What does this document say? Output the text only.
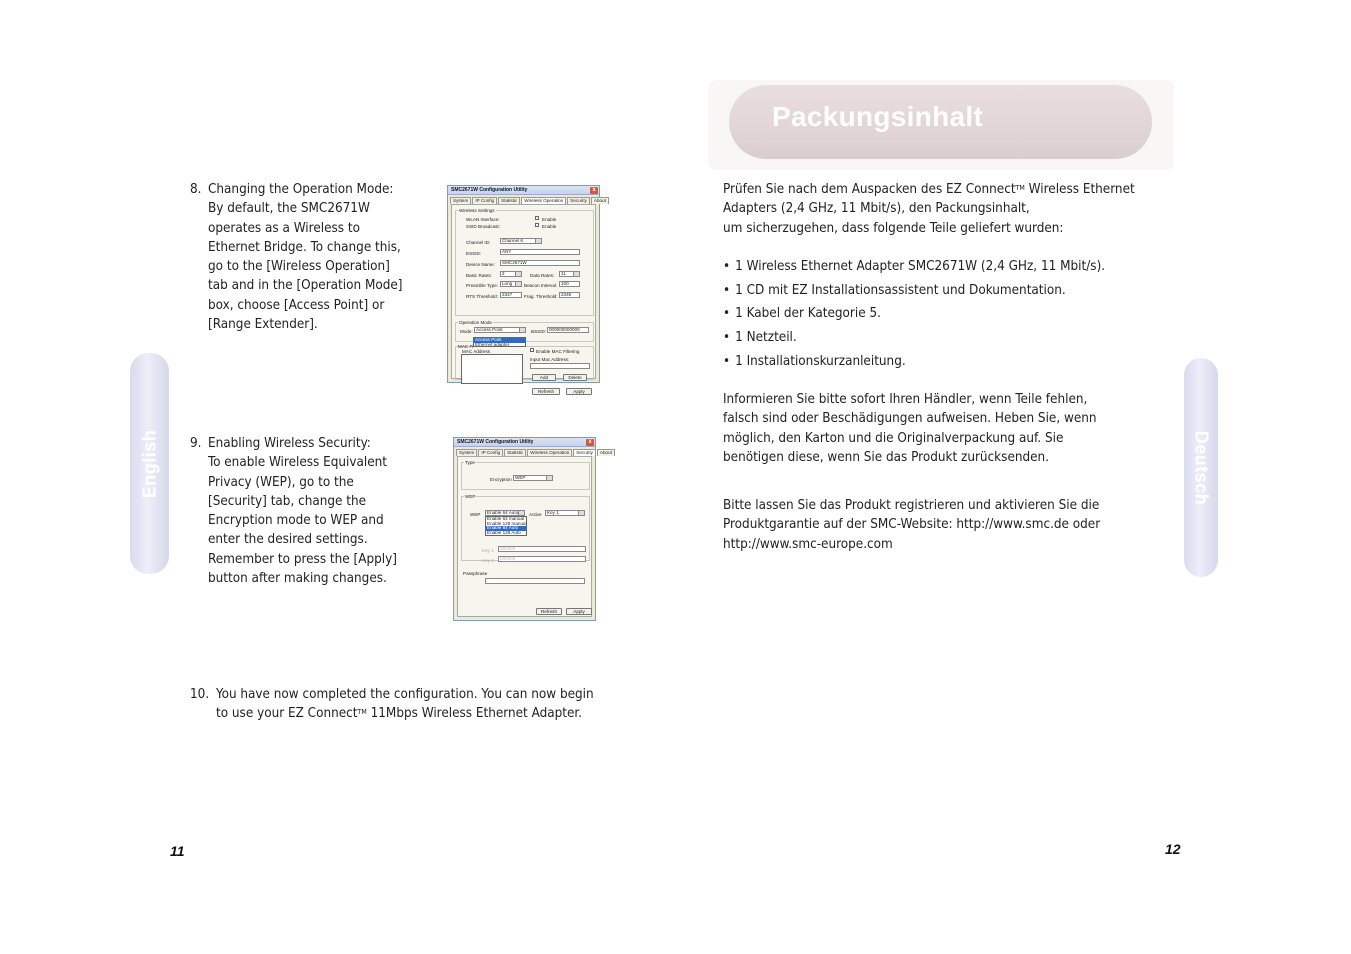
English
8. Changing the Operation Mode:
By default, the SMC2671W
operates as a Wireless to
Ethernet Bridge. To change this,
go to the [Wireless Operation]
tab and in the [Operation Mode]
box, choose [Access Point] or
[Range Extender].
SMC2671W Configuration Utility	x
System	IP Config	Statistic	Wireless Operation	Security	About
Wireless Settings
WLAN Interface:	Enable
SSID Broadcast:	Enable
Channel ID:	Channel 6
ESSID:	ANY
Device Name:	SMC2671W
Basic Rates:	2	Data Rates:	11
Preamble Type: Long	Beacon Interval: 100
RTS Threshold: 2347	Frag. Threshold: 2346
Operation Mode
Mode: Access Point	BSSID: 000000000000
MAC Fi
MAC Address	Enable MAC Filtering
Input Mac Address:
Add	Delete
Access Point
Ethernet adapter
Refresh	Apply
9. Enabling Wireless Security:
To enable Wireless Equivalent
Privacy (WEP), go to the
[Security] tab, change the
Encryption mode to WEP and
enter the desired settings.
Remember to press the [Apply]
button after making changes.
SMC2671W Configuration Utility	x
System	IP Config	Statistic	Wireless Operation	Security	About
Type
Encryption WEP
WEP
WEP	Enable 64 Auto	Active	Key 1
Key 1	000000
Key 2	000000
Enable 64 manual
Enable 128 manual
Enable 64 Auto
Enable 128 Auto
Passphrase
Refresh	Apply
10. You have now completed the configuration. You can now begin
to use your EZ Connect™ 11Mbps Wireless Ethernet Adapter.
11
Packungsinhalt
Prüfen Sie nach dem Auspacken des EZ Connect™ Wireless Ethernet
Adapters (2,4 GHz, 11 Mbit/s), den Packungsinhalt,
um sicherzugehen, dass folgende Teile geliefert wurden:
• 1 Wireless Ethernet Adapter SMC2671W (2,4 GHz, 11 Mbit/s).
• 1 CD mit EZ Installationsassistent und Dokumentation.
• 1 Kabel der Kategorie 5.
• 1 Netzteil.
• 1 Installationskurzanleitung.
Informieren Sie bitte sofort Ihren Händler, wenn Teile fehlen,
falsch sind oder Beschädigungen aufweisen. Heben Sie, wenn
möglich, den Karton und die Originalverpackung auf. Sie
benötigen diese, wenn Sie das Produkt zurücksenden.
Bitte lassen Sie das Produkt registrieren und aktivieren Sie die
Produktgarantie auf der SMC-Website: http://www.smc.de oder
http://www.smc-europe.com
Deutsch
12
